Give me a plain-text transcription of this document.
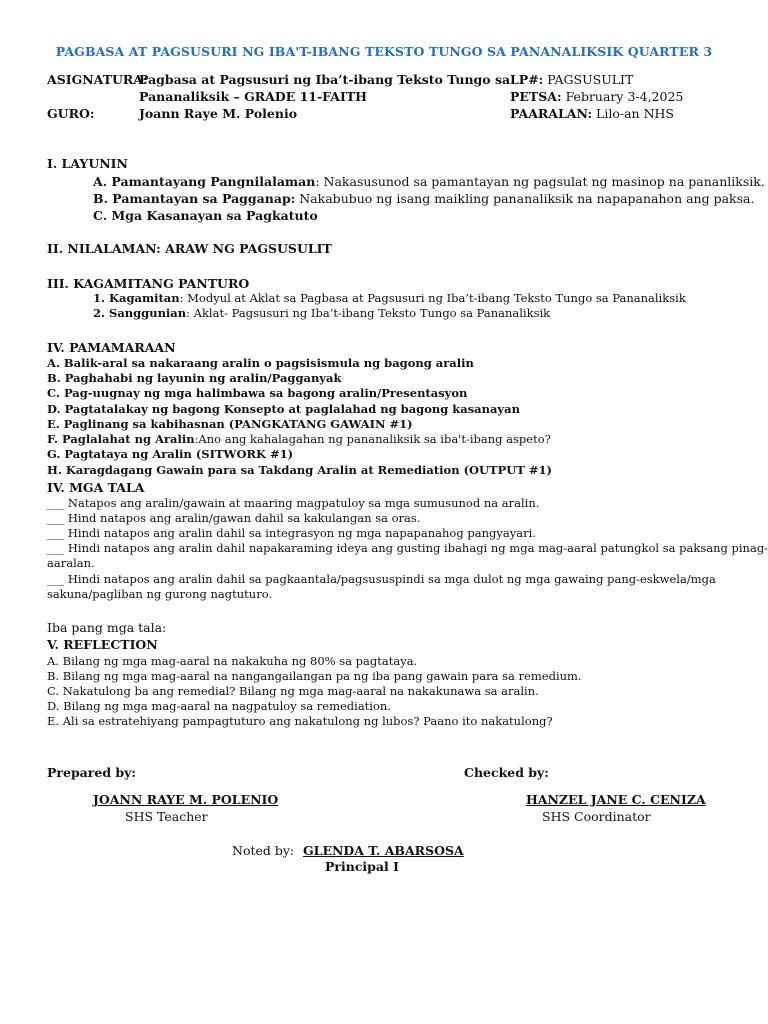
PAGBASA AT PAGSUSURI NG IBA'T-IBANG TEKSTO TUNGO SA PANANALIKSIK QUARTER 3
ASIGNATURA:
Pagbasa at Pagsusuri ng Iba’t-ibang Teksto Tungo sa
Pananaliksik – GRADE 11-FAITH
GURO:	Joann Raye M. Polenio
LP#: PAGSUSULIT
PETSA: February 3-4,2025
PAARALAN: Lilo-an NHS
I. LAYUNIN
A. Pamantayang Pangnilalaman: Nakasusunod sa pamantayan ng pagsulat ng masinop na pananliksik.
B. Pamantayan sa Pagganap: Nakabubuo ng isang maikling pananaliksik na napapanahon ang paksa.
C. Mga Kasanayan sa Pagkatuto
II. NILALAMAN: ARAW NG PAGSUSULIT
III. KAGAMITANG PANTURO
1. Kagamitan: Modyul at Aklat sa Pagbasa at Pagsusuri ng Iba’t-ibang Teksto Tungo sa Pananaliksik
2. Sanggunian: Aklat- Pagsusuri ng Iba’t-ibang Teksto Tungo sa Pananaliksik
IV. PAMAMARAAN
A. Balik-aral sa nakaraang aralin o pagsisismula ng bagong aralin
B. Paghahabi ng layunin ng aralin/Pagganyak
C. Pag-uugnay ng mga halimbawa sa bagong aralin/Presentasyon
D. Pagtatalakay ng bagong Konsepto at paglalahad ng bagong kasanayan
E. Paglinang sa kabihasnan (PANGKATANG GAWAIN #1)
F. Paglalahat ng Aralin:Ano ang kahalagahan ng pananaliksik sa iba't-ibang aspeto?
G. Pagtataya ng Aralin (SITWORK #1)
H. Karagdagang Gawain para sa Takdang Aralin at Remediation (OUTPUT #1)
IV. MGA TALA
___ Natapos ang aralin/gawain at maaring magpatuloy sa mga sumusunod na aralin.
___ Hind natapos ang aralin/gawan dahil sa kakulangan sa oras.
___ Hindi natapos ang aralin dahil sa integrasyon ng mga napapanahog pangyayari.
___ Hindi natapos ang aralin dahil napakaraming ideya ang gusting ibahagi ng mga mag-aaral patungkol sa paksang pinag-
aaralan.
___ Hindi natapos ang aralin dahil sa pagkaantala/pagsususpindi sa mga dulot ng mga gawaing pang-eskwela/mga
sakuna/pagliban ng gurong nagtuturo.
Iba pang mga tala:
V. REFLECTION
A. Bilang ng mga mag-aaral na nakakuha ng 80% sa pagtataya.
B. Bilang ng mga mag-aaral na nangangailangan pa ng iba pang gawain para sa remedium.
C. Nakatulong ba ang remedial? Bilang ng mga mag-aaral na nakakunawa sa aralin.
D. Bilang ng mga mag-aaral na nagpatuloy sa remediation.
E. Ali sa estratehiyang pampagtuturo ang nakatulong ng lubos? Paano ito nakatulong?
Prepared by:	Checked by:
JOANN RAYE M. POLENIO
SHS Teacher
HANZEL JANE C. CENIZA
SHS Coordinator
Noted by: GLENDA T. ABARSOSA
Principal I
